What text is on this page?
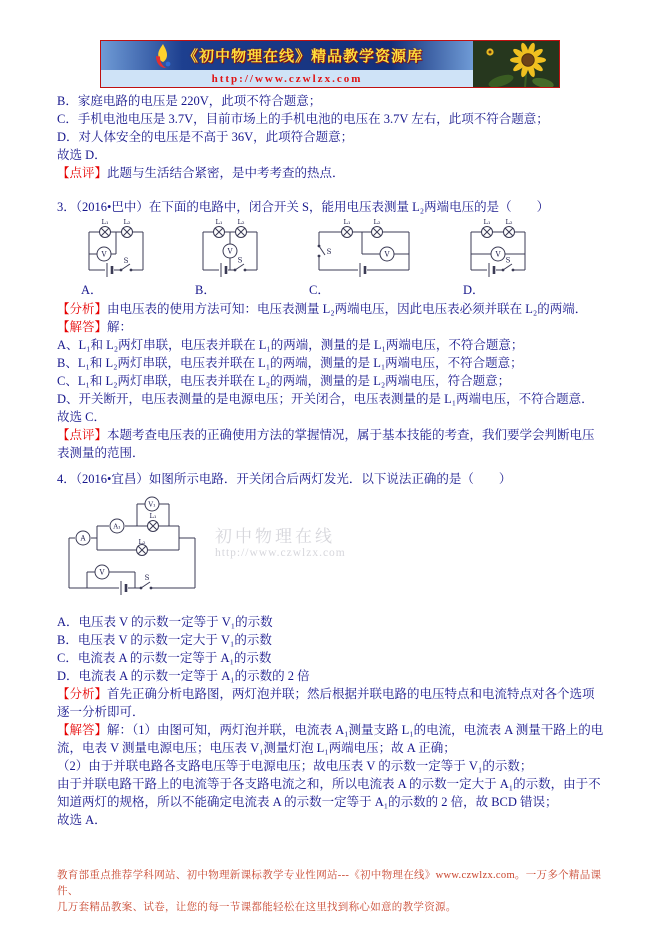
《初中物理在线》精品教学资源库
http://www.czwlzx.com
B．家庭电路的电压是 220V，此项不符合题意；
C．手机电池电压是 3.7V，目前市场上的手机电池的电压在 3.7V 左右，此项不符合题意；
D．对人体安全的电压是不高于 36V，此项符合题意；
故选 D．
【点评】此题与生活结合紧密，是中考考查的热点．
3．（2016•巴中）在下面的电路中，闭合开关 S，能用电压表测量 L₂两端电压的是（　　）
L₁ L₂
V
S
A．
L₁ L₂
V
S
B．
L₁	L₂
V
S
C．
L₁ L₂
V
S
D．
【分析】由电压表的使用方法可知：电压表测量 L₂两端电压，因此电压表必须并联在 L₂的两端．
【解答】解：
A、L₁和 L₂两灯串联，电压表并联在 L₁的两端，测量的是 L₁两端电压，不符合题意；
B、L₁和 L₂两灯串联，电压表并联在 L₁的两端，测量的是 L₁两端电压，不符合题意；
C、L₁和 L₂两灯串联，电压表并联在 L₂的两端，测量的是 L₂两端电压，符合题意；
D、开关断开，电压表测量的是电源电压；开关闭合，电压表测量的是 L₁两端电压，不符合题意．
故选 C．
【点评】本题考查电压表的正确使用方法的掌握情况，属于基本技能的考查，我们要学会判断电压表测量的范围．
4．（2016•宜昌）如图所示电路．开关闭合后两灯发光．以下说法正确的是（　　）
V₁
A₁
A
V
L₁
L₂
S
A．电压表 V 的示数一定等于 V₁的示数
B．电压表 V 的示数一定大于 V₁的示数
C．电流表 A 的示数一定等于 A₁的示数
D．电流表 A 的示数一定等于 A₁的示数的 2 倍
【分析】首先正确分析电路图，两灯泡并联；然后根据并联电路的电压特点和电流特点对各个选项逐一分析即可．
【解答】解：（1）由图可知，两灯泡并联，电流表 A₁测量支路 L₁的电流，电流表 A 测量干路上的电流，电表 V 测量电源电压；电压表 V₁测量灯泡 L₁两端电压；故 A 正确；
（2）由于并联电路各支路电压等于电源电压；故电压表 V 的示数一定等于 V₁的示数；
由于并联电路干路上的电流等于各支路电流之和，所以电流表 A 的示数一定大于 A₁的示数，由于不知道两灯的规格，所以不能确定电流表 A 的示数一定等于 A₁的示数的 2 倍，故 BCD 错误；
故选 A．
初中物理在线
http://www.czwlzx.com
教育部重点推荐学科网站、初中物理新课标教学专业性网站---《初中物理在线》www.czwlzx.com。一万多个精品课件、
几万套精品教案、试卷，让您的每一节课都能轻松在这里找到称心如意的教学资源。
